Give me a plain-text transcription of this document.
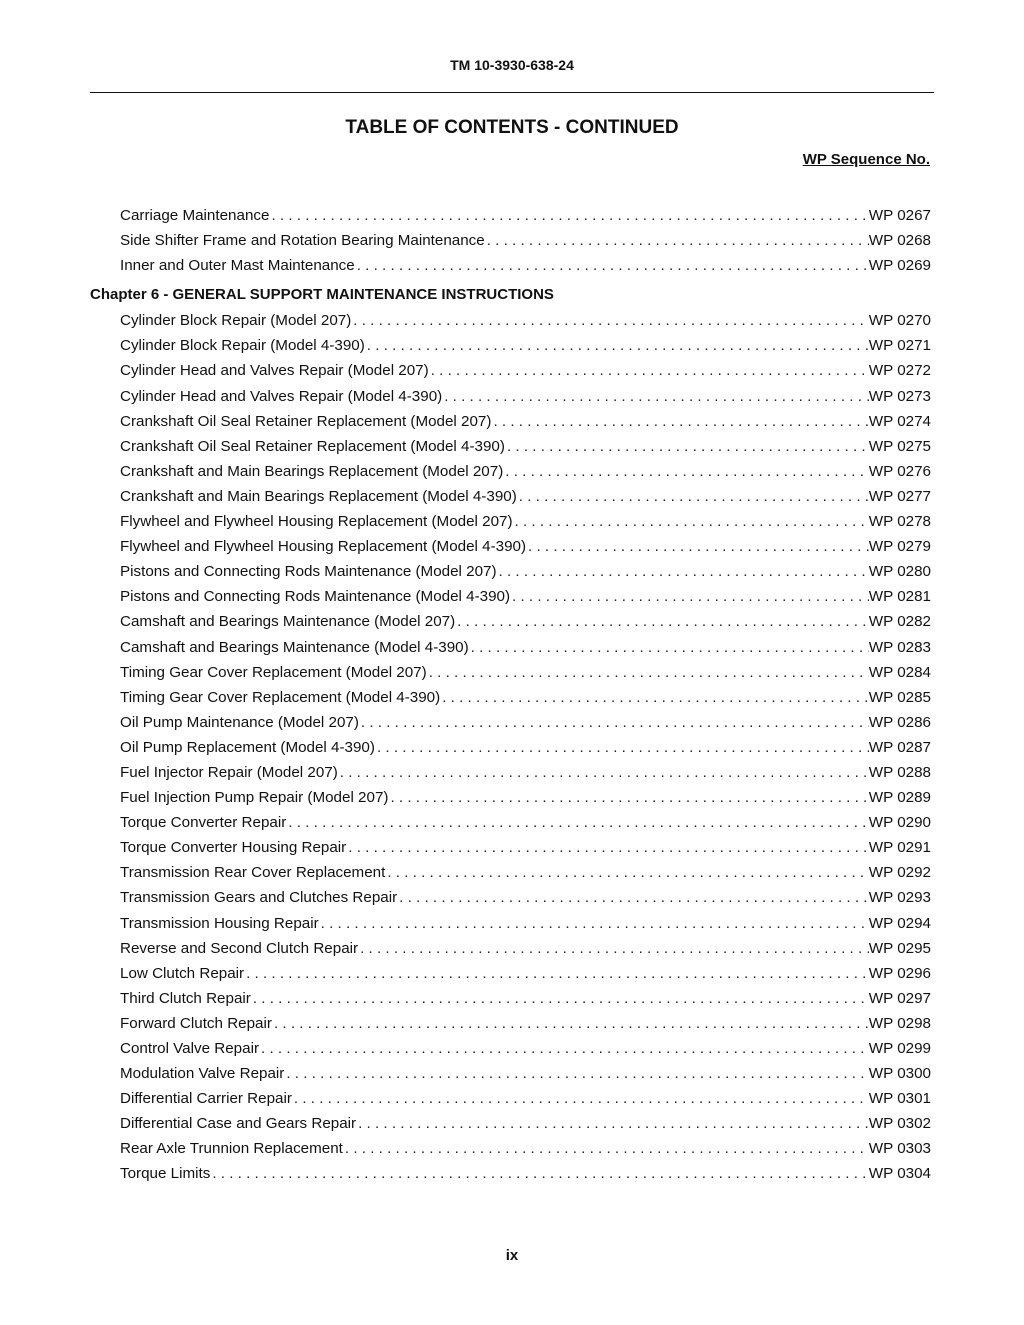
TM 10-3930-638-24
TABLE OF CONTENTS - CONTINUED
WP Sequence No.
Carriage Maintenance . . .	WP 0267
Side Shifter Frame and Rotation Bearing Maintenance . . .	WP 0268
Inner and Outer Mast Maintenance . . .	WP 0269
Chapter 6 - GENERAL SUPPORT MAINTENANCE INSTRUCTIONS
Cylinder Block Repair (Model 207) . . .	WP 0270
Cylinder Block Repair (Model 4-390) . . .	WP 0271
Cylinder Head and Valves Repair (Model 207) . . .	WP 0272
Cylinder Head and Valves Repair (Model 4-390) . . .	WP 0273
Crankshaft Oil Seal Retainer Replacement (Model 207) . . .	WP 0274
Crankshaft Oil Seal Retainer Replacement (Model 4-390) . . .	WP 0275
Crankshaft and Main Bearings Replacement (Model 207) . . .	WP 0276
Crankshaft and Main Bearings Replacement (Model 4-390) . . .	WP 0277
Flywheel and Flywheel Housing Replacement (Model 207) . . .	WP 0278
Flywheel and Flywheel Housing Replacement (Model 4-390) . . .	WP 0279
Pistons and Connecting Rods Maintenance (Model 207) . . .	WP 0280
Pistons and Connecting Rods Maintenance (Model 4-390) . . .	WP 0281
Camshaft and Bearings Maintenance (Model 207) . . .	WP 0282
Camshaft and Bearings Maintenance (Model 4-390) . . .	WP 0283
Timing Gear Cover Replacement (Model 207) . . .	WP 0284
Timing Gear Cover Replacement (Model 4-390) . . .	WP 0285
Oil Pump Maintenance (Model 207) . . .	WP 0286
Oil Pump Replacement (Model 4-390) . . .	WP 0287
Fuel Injector Repair (Model 207) . . .	WP 0288
Fuel Injection Pump Repair (Model 207) . . .	WP 0289
Torque Converter Repair . . .	WP 0290
Torque Converter Housing Repair . . .	WP 0291
Transmission Rear Cover Replacement . . .	WP 0292
Transmission Gears and Clutches Repair . . .	WP 0293
Transmission Housing Repair . . .	WP 0294
Reverse and Second Clutch Repair . . .	WP 0295
Low Clutch Repair . . .	WP 0296
Third Clutch Repair . . .	WP 0297
Forward Clutch Repair . . .	WP 0298
Control Valve Repair . . .	WP 0299
Modulation Valve Repair . . .	WP 0300
Differential Carrier Repair . . .	WP 0301
Differential Case and Gears Repair . . .	WP 0302
Rear Axle Trunnion Replacement . . .	WP 0303
Torque Limits . . .	WP 0304
ix
